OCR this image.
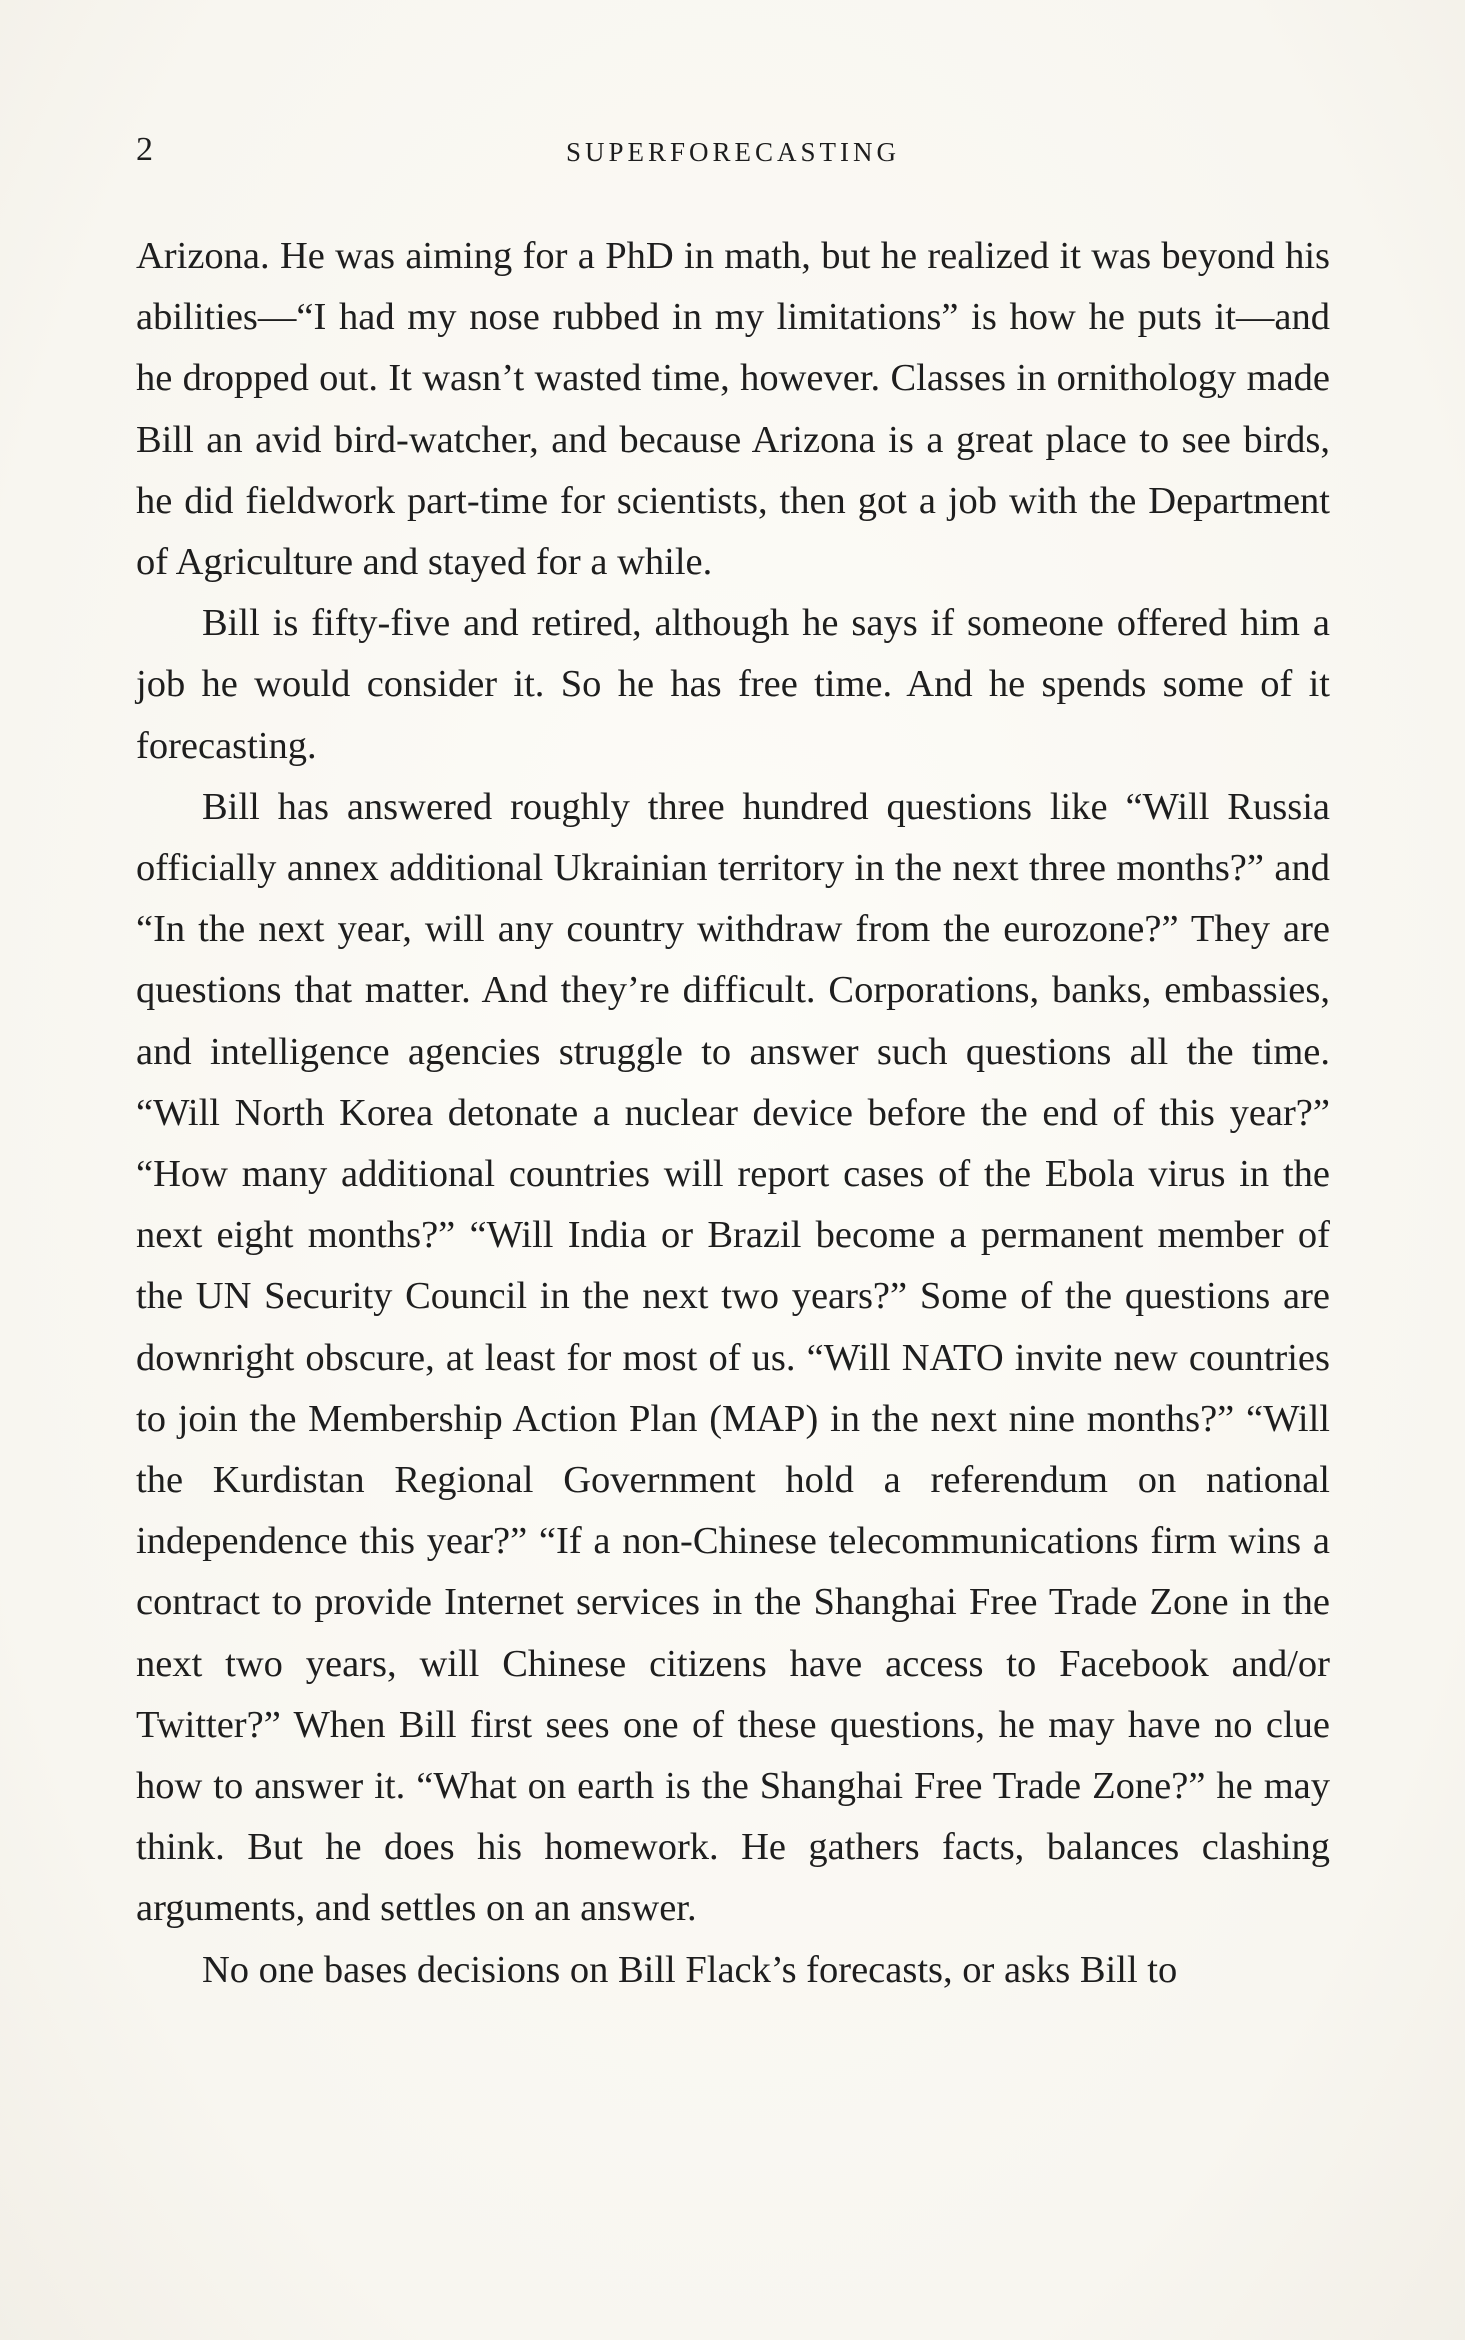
2	SUPERFORECASTING

Arizona. He was aiming for a PhD in math, but he realized it was beyond his abilities—“I had my nose rubbed in my limitations” is how he puts it—and he dropped out. It wasn’t wasted time, however. Classes in ornithology made Bill an avid bird-watcher, and because Arizona is a great place to see birds, he did fieldwork part-time for scientists, then got a job with the Department of Agriculture and stayed for a while.

Bill is fifty-five and retired, although he says if someone offered him a job he would consider it. So he has free time. And he spends some of it forecasting.

Bill has answered roughly three hundred questions like “Will Russia officially annex additional Ukrainian territory in the next three months?” and “In the next year, will any country withdraw from the eurozone?” They are questions that matter. And they’re difficult. Corporations, banks, embassies, and intelligence agencies struggle to answer such questions all the time. “Will North Korea detonate a nuclear device before the end of this year?” “How many additional countries will report cases of the Ebola virus in the next eight months?” “Will India or Brazil become a permanent member of the UN Security Council in the next two years?” Some of the questions are downright obscure, at least for most of us. “Will NATO invite new countries to join the Membership Action Plan (MAP) in the next nine months?” “Will the Kurdistan Regional Government hold a referendum on national independence this year?” “If a non-Chinese telecommunications firm wins a contract to provide Internet services in the Shanghai Free Trade Zone in the next two years, will Chinese citizens have access to Facebook and/or Twitter?” When Bill first sees one of these questions, he may have no clue how to answer it. “What on earth is the Shanghai Free Trade Zone?” he may think. But he does his homework. He gathers facts, balances clashing arguments, and settles on an answer.

No one bases decisions on Bill Flack’s forecasts, or asks Bill to
